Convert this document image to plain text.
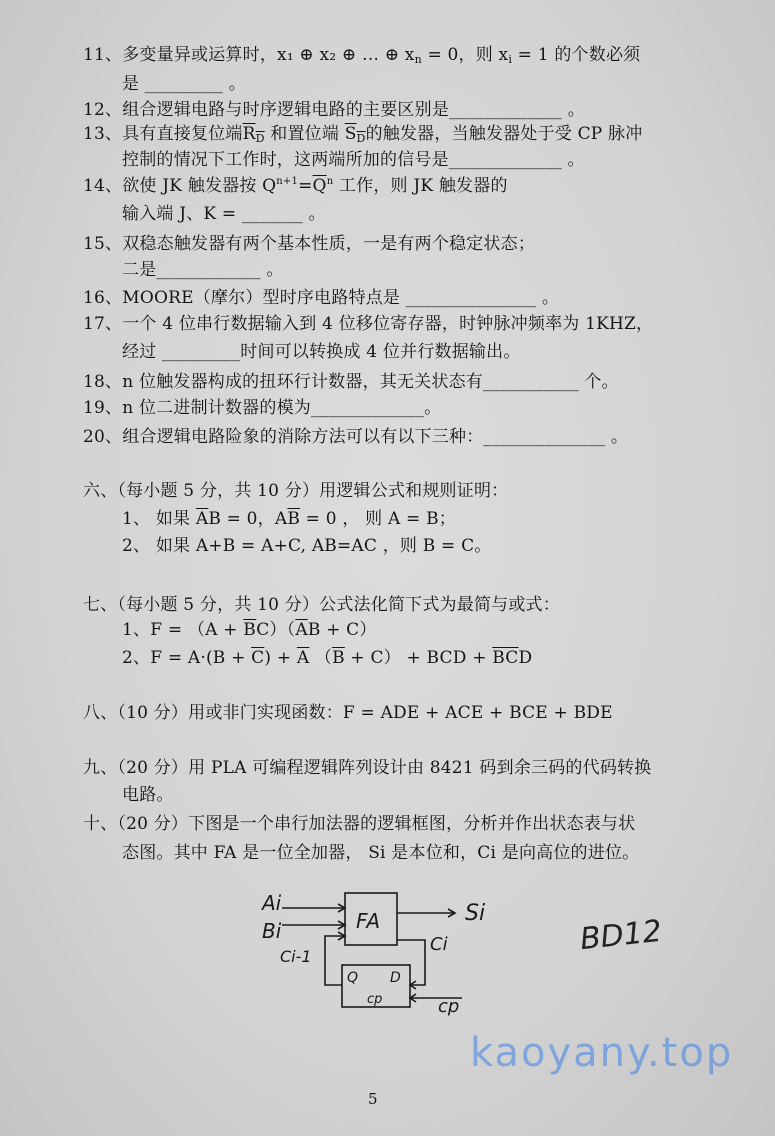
11、多变量异或运算时，x₁ ⊕ x₂ ⊕ … ⊕ $x_n = 0$，则 $x_i = 1$ 的个数必须
是 _________ 。
12、组合逻辑电路与时序逻辑电路的主要区别是_____________ 。
13、具有直接复位端$R_D$ 和置位端 $S_D$的触发器，当触发器处于受 CP 脉冲
控制的情况下工作时，这两端所加的信号是_____________ 。
14、欲使 JK 触发器按 $Q^{n+1}=\overline{Q}^n$ 工作，则 JK 触发器的
输入端 J、K = _______ 。
15、双稳态触发器有两个基本性质，一是有两个稳定状态；
二是____________ 。
16、MOORE（摩尔）型时序电路特点是 _______________ 。
17、一个 4 位串行数据输入到 4 位移位寄存器，时钟脉冲频率为 1KHZ，
经过 _________时间可以转换成 4 位并行数据输出。
18、n 位触发器构成的扭环行计数器，其无关状态有___________ 个。
19、n 位二进制计数器的模为_____________。
20、组合逻辑电路险象的消除方法可以有以下三种：______________ 。
六、（每小题 5 分，共 10 分）用逻辑公式和规则证明：
1、 如果 $\overline{A}B = 0$，$A\overline{B} = 0$ ， 则 A = B；
2、 如果 A+B = A+C, AB=AC ，则 B = C。
七、（每小题 5 分，共 10 分）公式法化简下式为最简与或式：
1、$F = (A + \overline{B}C)(\overline{A}B + C)$
2、$F = A\cdot(B + \overline{C}) + \overline{A}$ $(\overline{B} + C)$ + BCD + $\overline{B}\overline{C}D$
八、（10 分）用或非门实现函数：F = ADE + ACE + BCE + BDE
九、（20 分）用 PLA 可编程逻辑阵列设计由 8421 码到余三码的代码转换
电路。
十、（20 分）下图是一个串行加法器的逻辑框图，分析并作出状态表与状
态图。其中 FA 是一位全加器， Si 是本位和，Ci 是向高位的进位。
kaoyany.top
Ai
Bi	FA	Si
Ci
Ci-1
Q D
cp	cp
BD12
5
